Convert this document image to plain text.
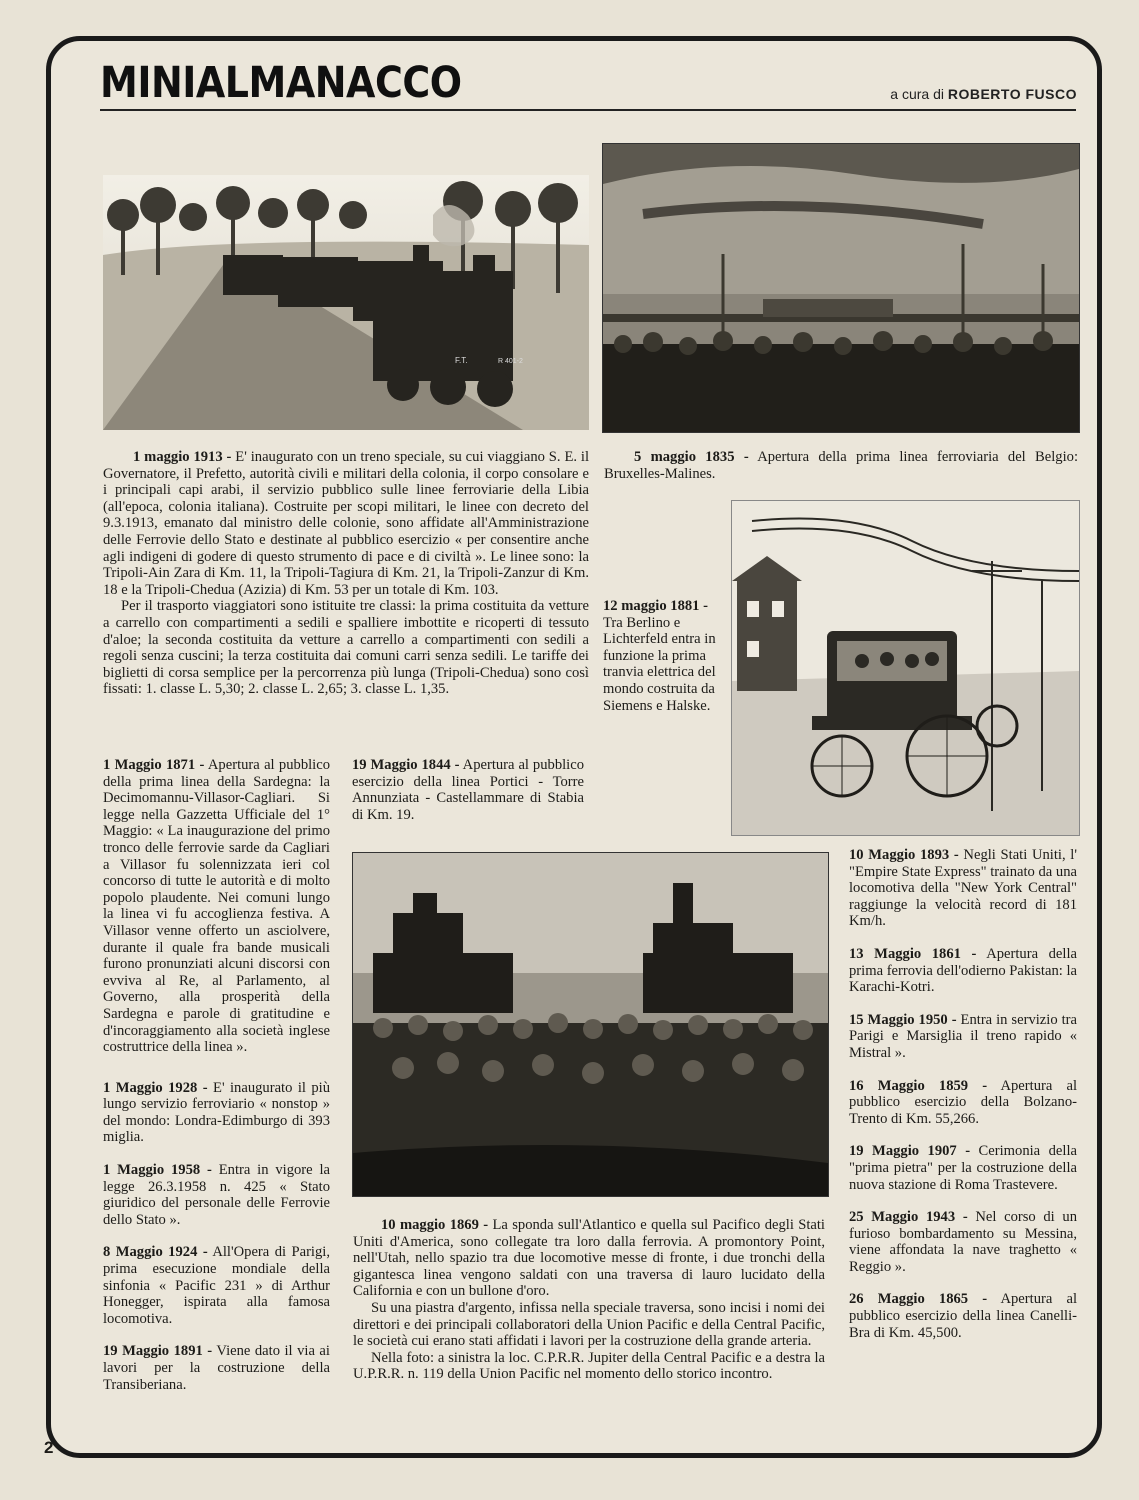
MINIALMANACCO	a cura di ROBERTO FUSCO
F.T.	R 401-2

1 maggio 1913 - E' inaugurato con un treno speciale, su cui viaggiano S. E. il Governatore, il Prefetto, autorità civili e militari della colonia, il corpo consolare e i principali capi arabi, il servizio pubblico sulle linee ferroviarie della Libia (all'epoca, colonia italiana). Costruite per scopi militari, le linee con decreto del 9.3.1913, emanato dal ministro delle colonie, sono affidate all'Amministrazione delle Ferrovie dello Stato e destinate al pubblico esercizio « per consentire anche agli indigeni di godere di questo strumento di pace e di civiltà ». Le linee sono: la Tripoli-Ain Zara di Km. 11, la Tripoli-Tagiura di Km. 21, la Tripoli-Zanzur di Km. 18 e la Tripoli-Chedua (Azizia) di Km. 53 per un totale di Km. 103.

Per il trasporto viaggiatori sono istituite tre classi: la prima costituita da vetture a carrello con compartimenti a sedili e spalliere imbottite e ricoperti di tessuto d'aloe; la seconda costituita da vetture a carrello a compartimenti con sedili a regoli senza cuscini; la terza costituita dai comuni carri senza sedili. Le tariffe dei biglietti di corsa semplice per la percorrenza più lunga (Tripoli-Chedua) sono così fissati: 1. classe L. 5,30; 2. classe L. 2,65; 3. classe L. 1,35.

5 maggio 1835 - Apertura della prima linea ferroviaria del Belgio: Bruxelles-Malines.

12 maggio 1881 -
Tra Berlino e Lichterfeld entra in funzione la prima tranvia elettrica del mondo costruita da Siemens e Halske.

1 Maggio 1871 - Apertura al pubblico della prima linea della Sardegna: la Decimomannu-Villasor-Cagliari. Si legge nella Gazzetta Ufficiale del 1° Maggio: « La inaugurazione del primo tronco delle ferrovie sarde da Cagliari a Villasor fu solennizzata ieri col concorso di tutte le autorità e di molto popolo plaudente. Nei comuni lungo la linea vi fu accoglienza festiva. A Villasor venne offerto un asciolvere, durante il quale fra bande musicali furono pronunziati alcuni discorsi con evviva al Re, al Parlamento, al Governo, alla prosperità della Sardegna e parole di gratitudine e d'incoraggiamento alla società inglese costruttrice della linea ».
1 Maggio 1928 - E' inaugurato il più lungo servizio ferroviario « nonstop » del mondo: Londra-Edimburgo di 393 miglia.
1 Maggio 1958 - Entra in vigore la legge 26.3.1958 n. 425 « Stato giuridico del personale delle Ferrovie dello Stato ».
8 Maggio 1924 - All'Opera di Parigi, prima esecuzione mondiale della sinfonia « Pacific 231 » di Arthur Honegger, ispirata alla famosa locomotiva.
19 Maggio 1891 - Viene dato il via ai lavori per la costruzione della Transiberiana.
19 Maggio 1844 - Apertura al pubblico esercizio della linea Portici - Torre Annunziata - Castellammare di Stabia di Km. 19.

10 maggio 1869 - La sponda sull'Atlantico e quella sul Pacifico degli Stati Uniti d'America, sono collegate tra loro dalla ferrovia. A promontory Point, nell'Utah, nello spazio tra due locomotive messe di fronte, i due tronchi della gigantesca linea vengono saldati con una traversa di lauro lucidato della California e con un bullone d'oro.

Su una piastra d'argento, infissa nella speciale traversa, sono incisi i nomi dei direttori e dei principali collaboratori della Union Pacific e della Central Pacific, le società cui erano stati affidati i lavori per la costruzione della grande arteria.

Nella foto: a sinistra la loc. C.P.R.R. Jupiter della Central Pacific e a destra la U.P.R.R. n. 119 della Union Pacific nel momento dello storico incontro.

10 Maggio 1893 - Negli Stati Uniti, l' "Empire State Express" trainato da una locomotiva della "New York Central" raggiunge la velocità record di 181 Km/h.
13 Maggio 1861 - Apertura della prima ferrovia dell'odierno Pakistan: la Karachi-Kotri.
15 Maggio 1950 - Entra in servizio tra Parigi e Marsiglia il treno rapido « Mistral ».
16 Maggio 1859 - Apertura al pubblico esercizio della Bolzano-Trento di Km. 55,266.
19 Maggio 1907 - Cerimonia della "prima pietra" per la costruzione della nuova stazione di Roma Trastevere.
25 Maggio 1943 - Nel corso di un furioso bombardamento su Messina, viene affondata la nave traghetto « Reggio ».
26 Maggio 1865 - Apertura al pubblico esercizio della linea Canelli-Bra di Km. 45,500.
2
